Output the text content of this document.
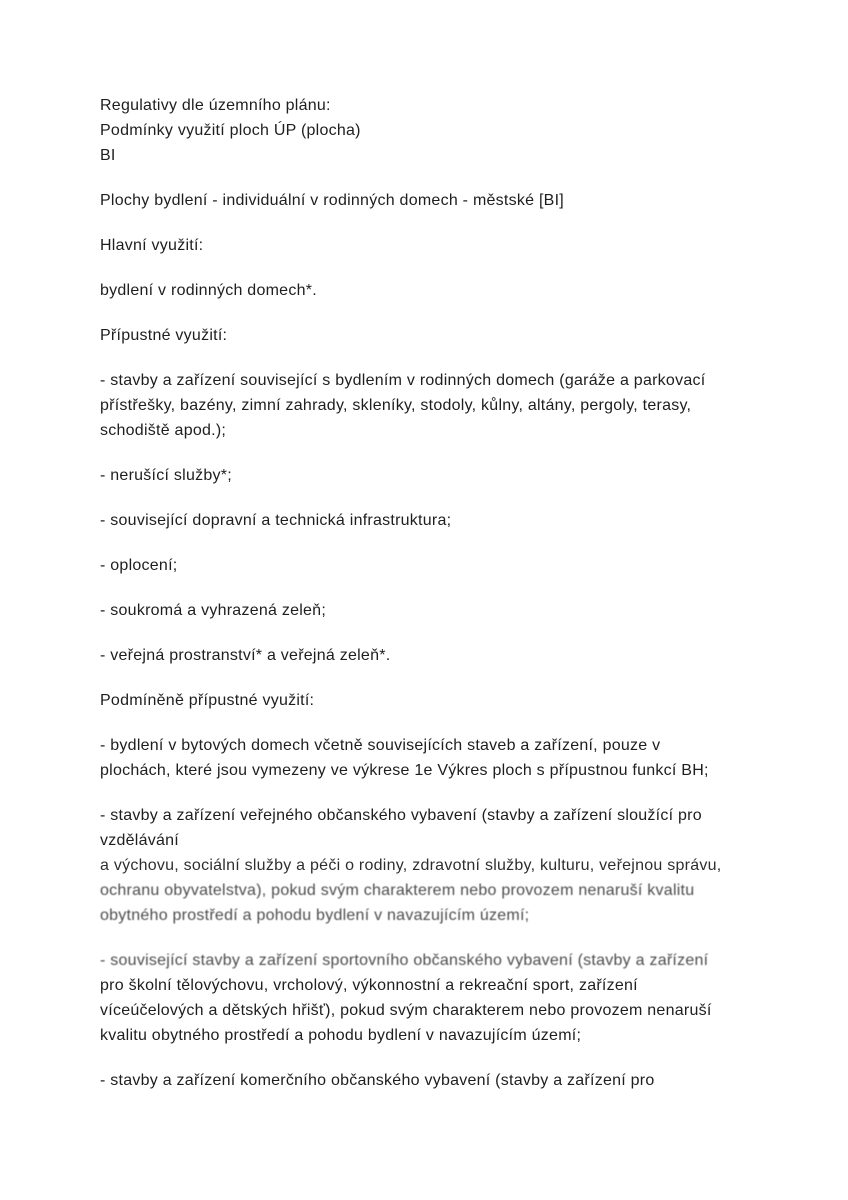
Regulativy dle územního plánu:
Podmínky využití ploch ÚP (plocha)
BI
Plochy bydlení - individuální v rodinných domech - městské [BI]
Hlavní využití:
bydlení v rodinných domech*.
Přípustné využití:
- stavby a zařízení související s bydlením v rodinných domech (garáže a parkovací
přístřešky, bazény, zimní zahrady, skleníky, stodoly, kůlny, altány, pergoly, terasy,
schodiště apod.);
- nerušící služby*;
- související dopravní a technická infrastruktura;
- oplocení;
- soukromá a vyhrazená zeleň;
- veřejná prostranství* a veřejná zeleň*.
Podmíněně přípustné využití:
- bydlení v bytových domech včetně souvisejících staveb a zařízení, pouze v
plochách, které jsou vymezeny ve výkrese 1e Výkres ploch s přípustnou funkcí BH;
- stavby a zařízení veřejného občanského vybavení (stavby a zařízení sloužící pro
vzdělávání
a výchovu, sociální služby a péči o rodiny, zdravotní služby, kulturu, veřejnou správu,
ochranu obyvatelstva), pokud svým charakterem nebo provozem nenaruší kvalitu
obytného prostředí a pohodu bydlení v navazujícím území;
- související stavby a zařízení sportovního občanského vybavení (stavby a zařízení
pro školní tělovýchovu, vrcholový, výkonnostní a rekreační sport, zařízení
víceúčelových a dětských hřišť), pokud svým charakterem nebo provozem nenaruší
kvalitu obytného prostředí a pohodu bydlení v navazujícím území;
- stavby a zařízení komerčního občanského vybavení (stavby a zařízení pro
